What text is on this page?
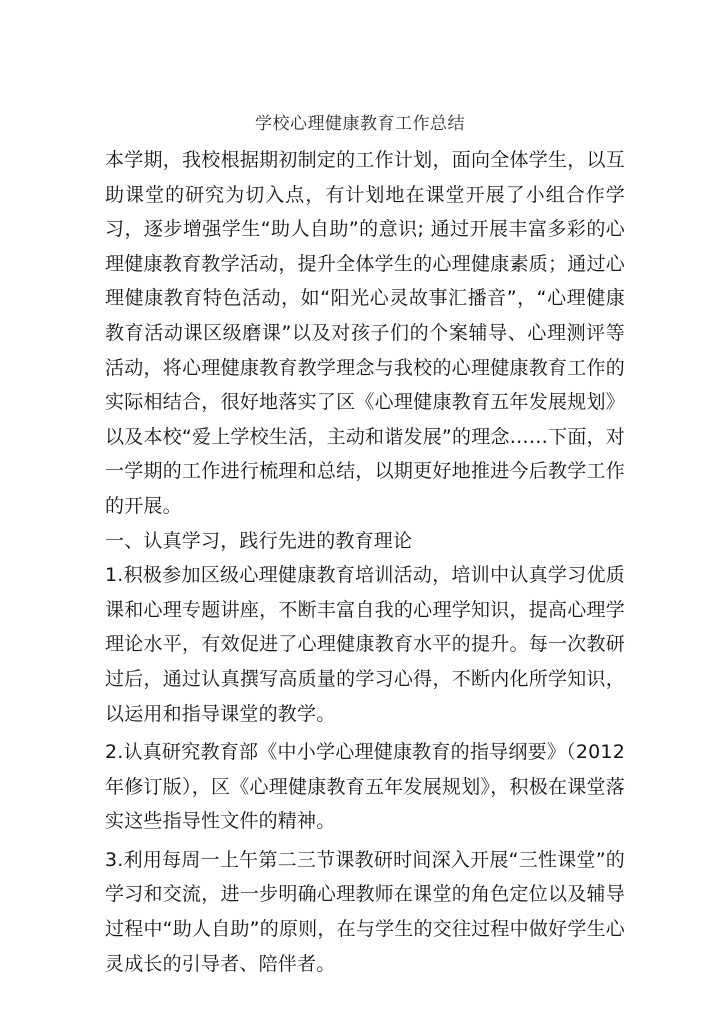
学校心理健康教育工作总结

本学期，我校根据期初制定的工作计划，面向全体学生，以互助课堂的研究为切入点，有计划地在课堂开展了小组合作学习，逐步增强学生“助人自助”的意识; 通过开展丰富多彩的心理健康教育教学活动，提升全体学生的心理健康素质；通过心理健康教育特色活动，如“阳光心灵故事汇播音”，“心理健康教育活动课区级磨课”以及对孩子们的个案辅导、心理测评等活动，将心理健康教育教学理念与我校的心理健康教育工作的实际相结合，很好地落实了区《心理健康教育五年发展规划》以及本校“爱上学校生活，主动和谐发展”的理念……下面，对一学期的工作进行梳理和总结，以期更好地推进今后教学工作的开展。

一、认真学习，践行先进的教育理论

1.积极参加区级心理健康教育培训活动，培训中认真学习优质课和心理专题讲座，不断丰富自我的心理学知识，提高心理学理论水平，有效促进了心理健康教育水平的提升。每一次教研过后，通过认真撰写高质量的学习心得，不断内化所学知识，以运用和指导课堂的教学。

2.认真研究教育部《中小学心理健康教育的指导纲要》（2012年修订版），区《心理健康教育五年发展规划》，积极在课堂落实这些指导性文件的精神。

3.利用每周一上午第二三节课教研时间深入开展“三性课堂”的学习和交流，进一步明确心理教师在课堂的角色定位以及辅导过程中“助人自助”的原则，在与学生的交往过程中做好学生心灵成长的引导者、陪伴者。
